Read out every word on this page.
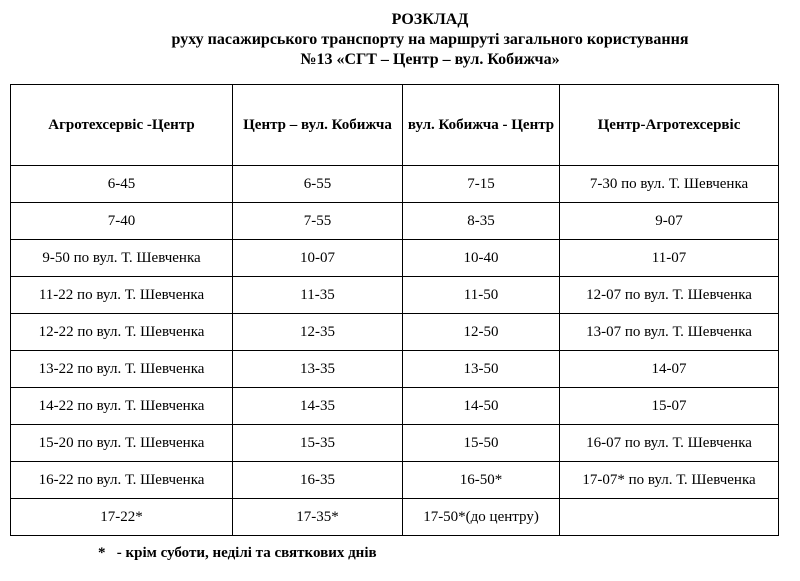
РОЗКЛАД
руху пасажирського транспорту на маршруті загального користування
№13 «СГТ – Центр – вул. Кобижча»
Агротехсервіс -Центр	Центр – вул. Кобижча	вул. Кобижча - Центр	Центр-Агротехсервіс
6-45	6-55	7-15	7-30 по вул. Т. Шевченка
7-40	7-55	8-35	9-07
9-50 по вул. Т. Шевченка	10-07	10-40	11-07
11-22 по вул. Т. Шевченка	11-35	11-50	12-07 по вул. Т. Шевченка
12-22 по вул. Т. Шевченка	12-35	12-50	13-07 по вул. Т. Шевченка
13-22 по вул. Т. Шевченка	13-35	13-50	14-07
14-22 по вул. Т. Шевченка	14-35	14-50	15-07
15-20 по вул. Т. Шевченка	15-35	15-50	16-07 по вул. Т. Шевченка
16-22 по вул. Т. Шевченка	16-35	16-50*	17-07* по вул. Т. Шевченка
17-22*	17-35*	17-50*(до центру)	
*   - крім суботи, неділі та святкових днів
